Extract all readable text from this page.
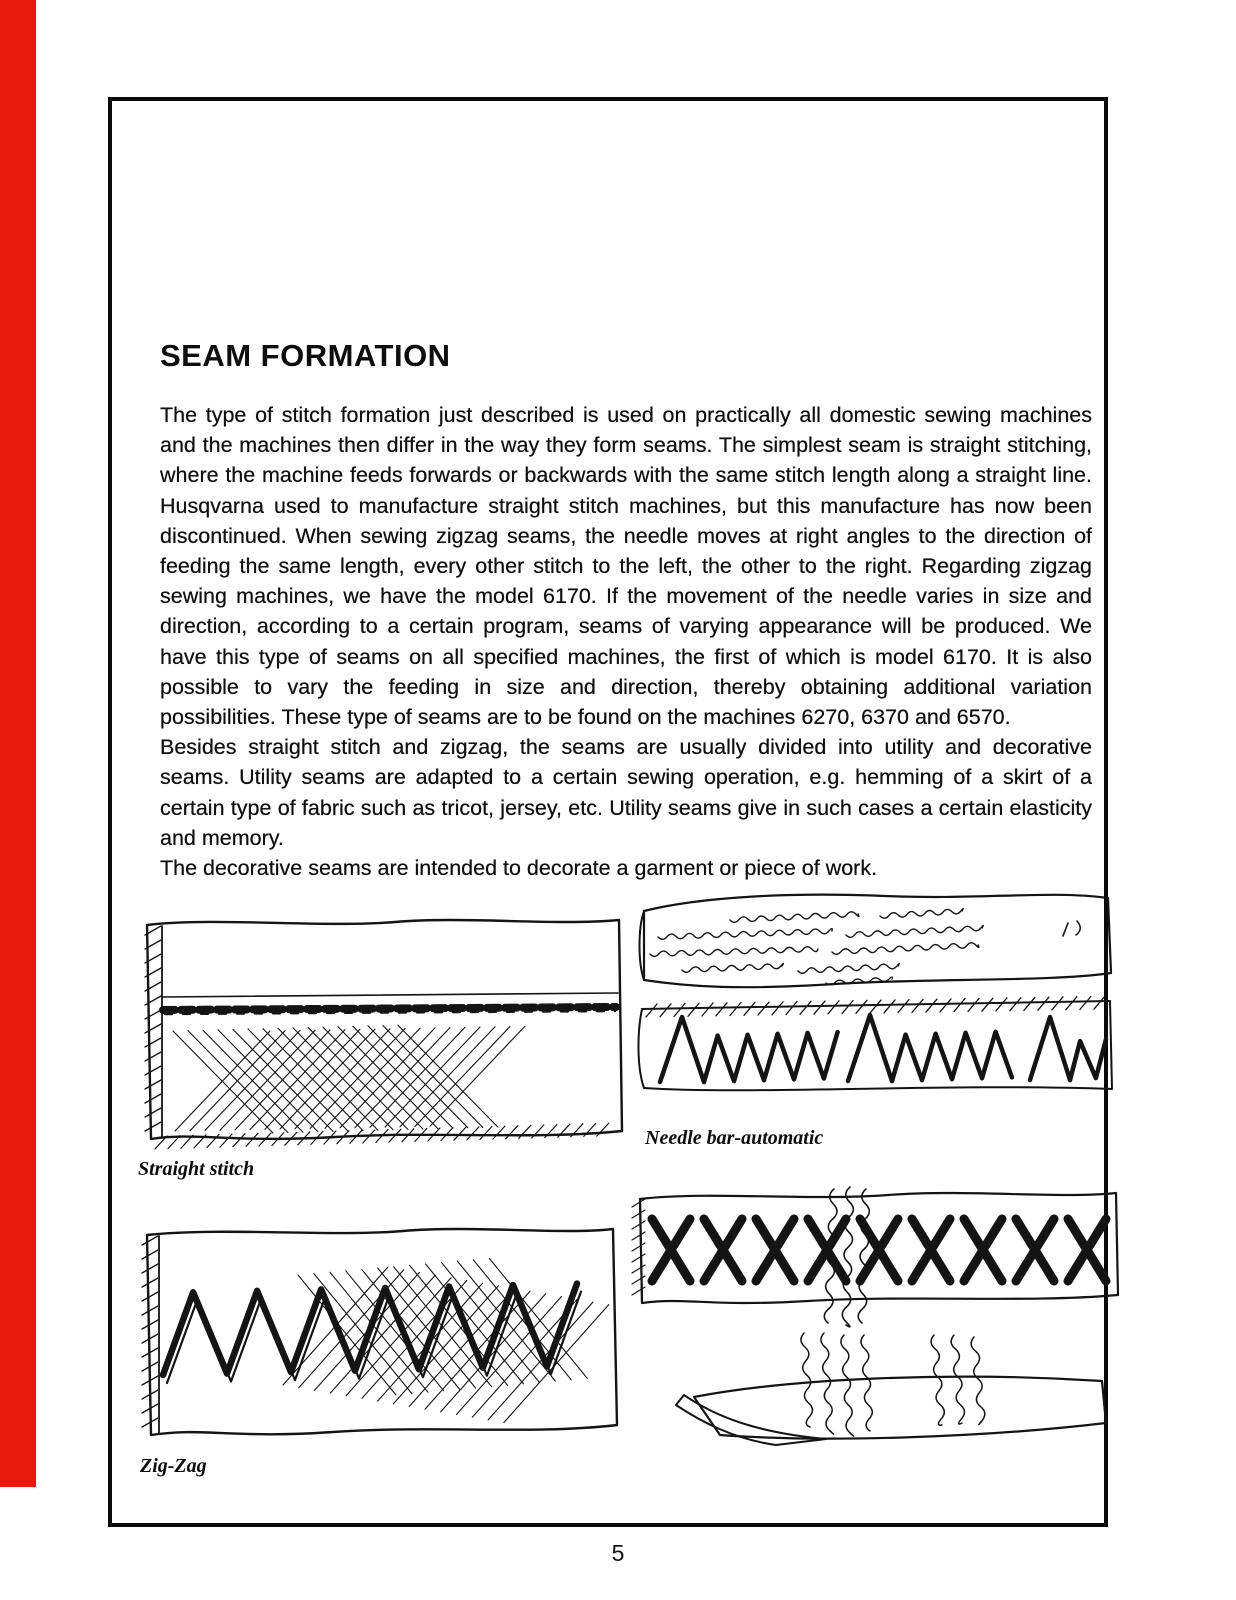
SEAM FORMATION

The type of stitch formation just described is used on practically all domestic sewing machines and the machines then differ in the way they form seams. The simplest seam is straight stitching, where the machine feeds forwards or backwards with the same stitch length along a straight line. Husqvarna used to manufacture straight stitch machines, but this manufacture has now been discontinued. When sewing zigzag seams, the needle moves at right angles to the direction of feeding the same length, every other stitch to the left, the other to the right. Regarding zigzag sewing machines, we have the model 6170. If the movement of the needle varies in size and direction, according to a certain program, seams of varying appearance will be produced. We have this type of seams on all specified machines, the first of which is model 6170. It is also possible to vary the feeding in size and direction, thereby obtaining additional variation possibilities. These type of seams are to be found on the machines 6270, 6370 and 6570.

Besides straight stitch and zigzag, the seams are usually divided into utility and decorative seams. Utility seams are adapted to a certain sewing operation, e.g. hemming of a skirt of a certain type of fabric such as tricot, jersey, etc. Utility seams give in such cases a certain elasticity and memory.

The decorative seams are intended to decorate a garment or piece of work.

Straight stitch
Needle bar-automatic
Zig-Zag
5
